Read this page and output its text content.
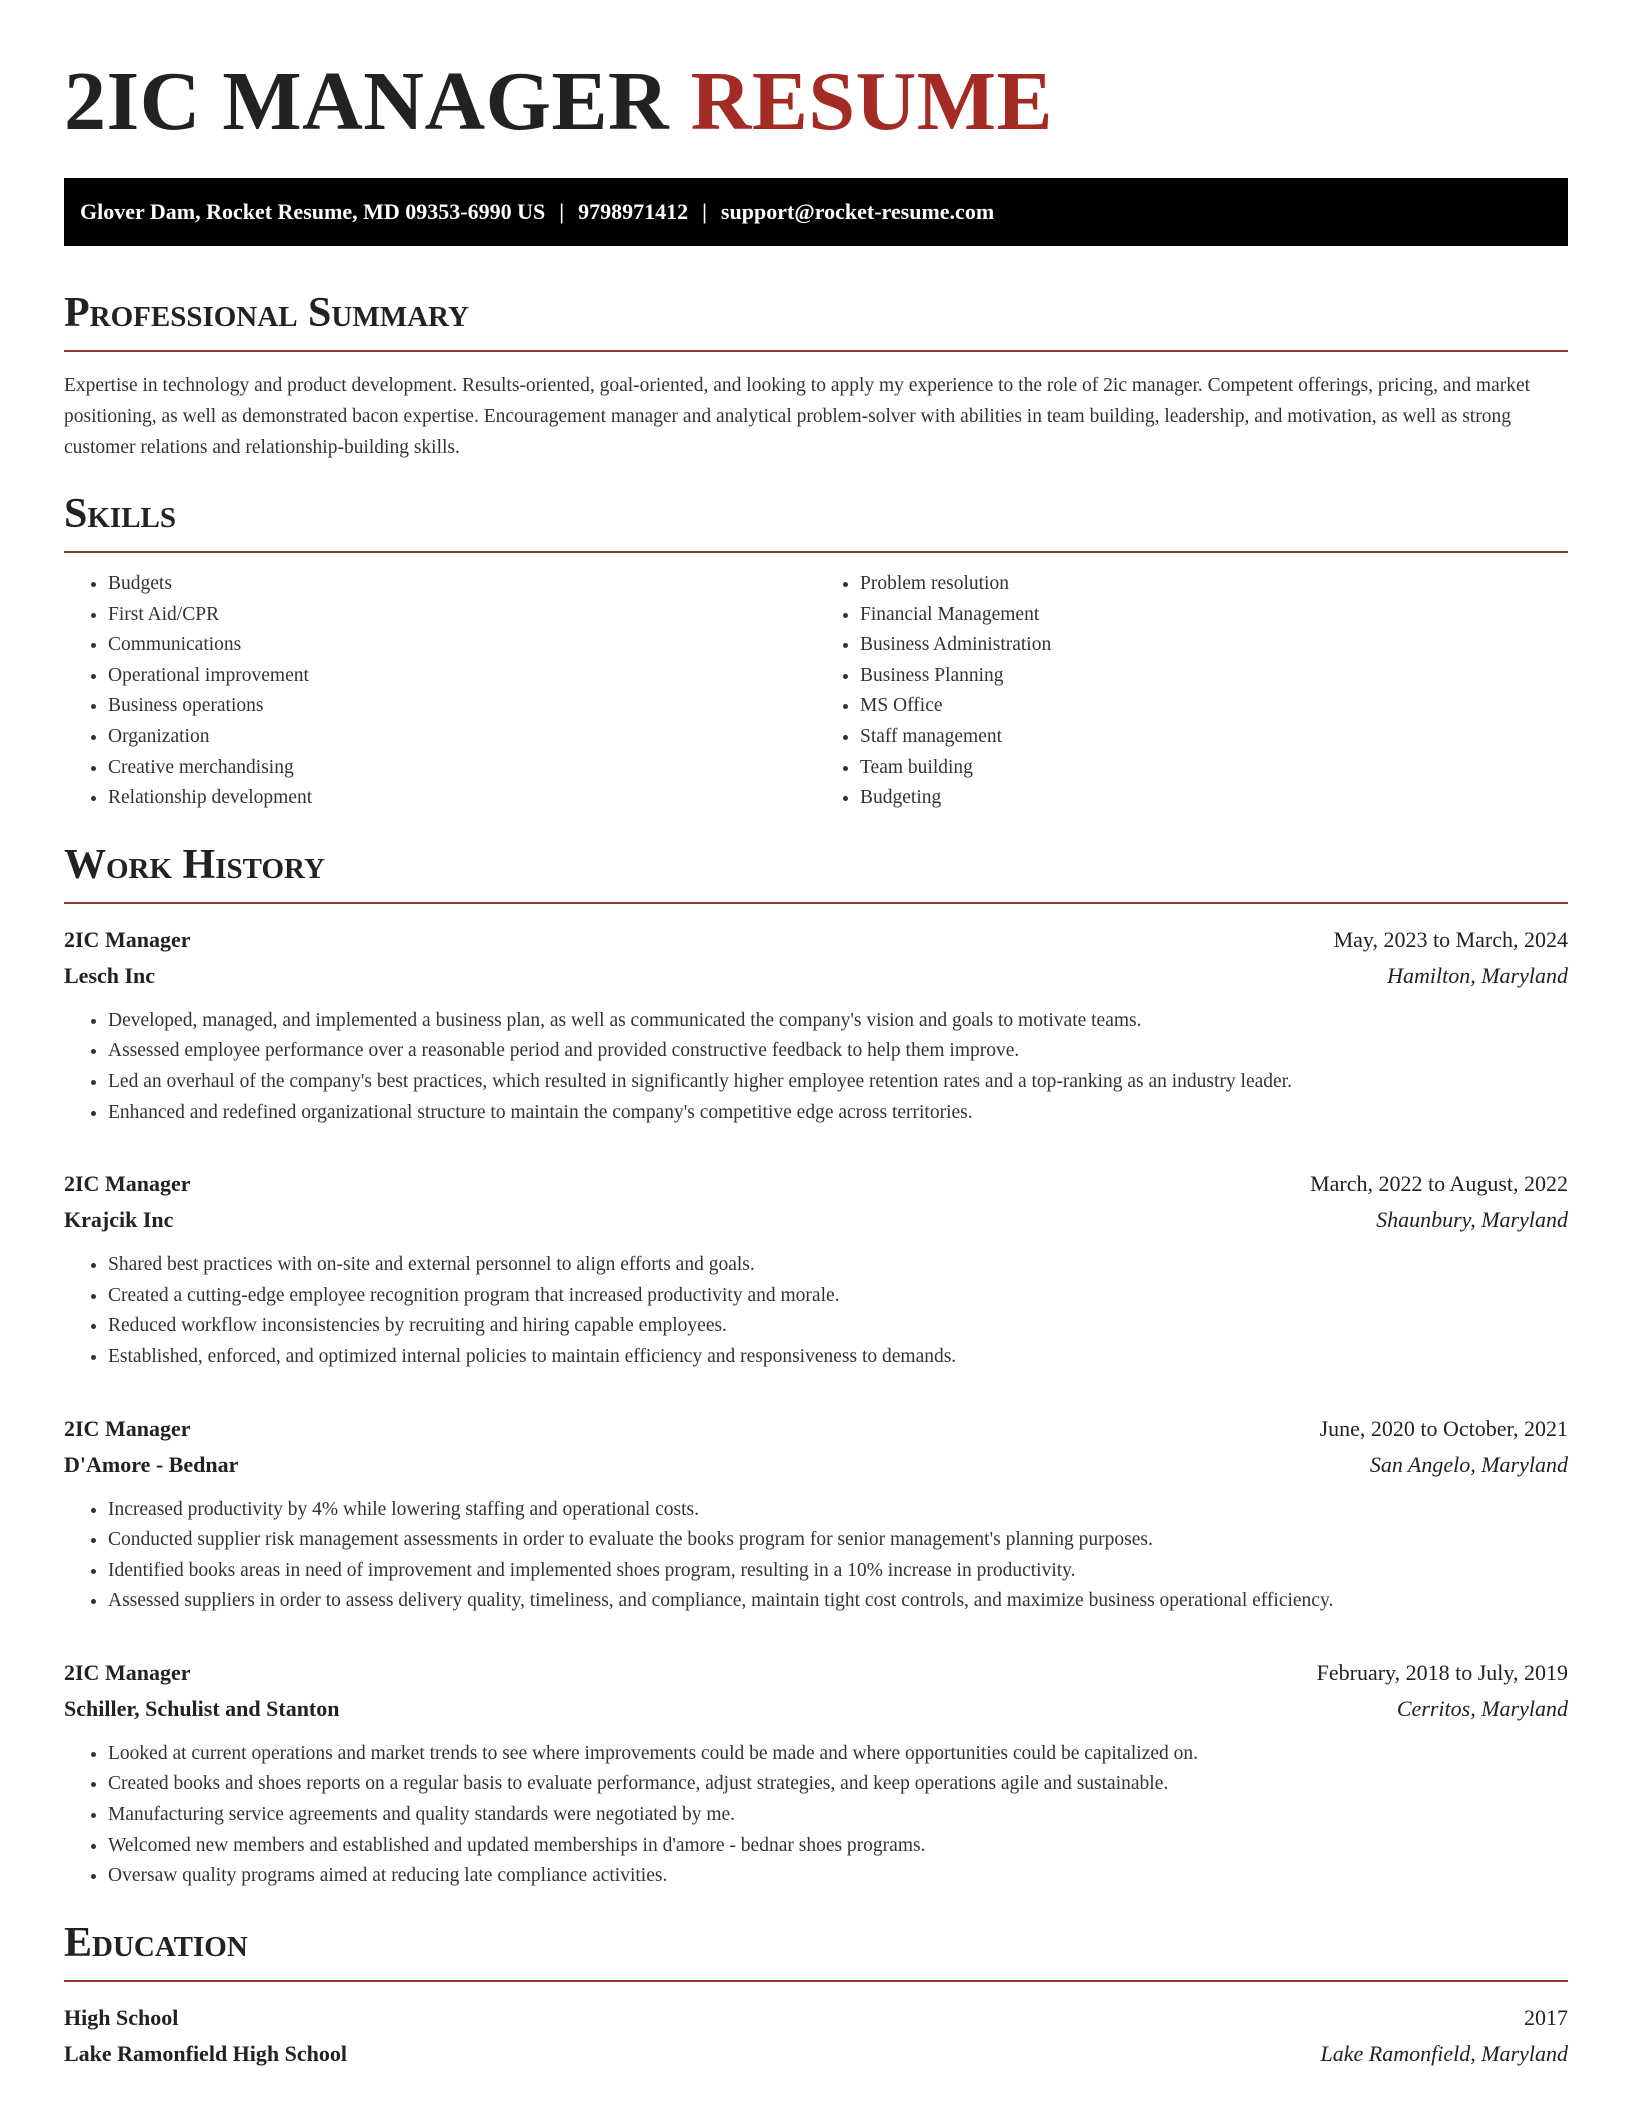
2IC MANAGER RESUME
Glover Dam, Rocket Resume, MD 09353-6990 US | 9798971412 | support@rocket-resume.com
Professional Summary

Expertise in technology and product development. Results-oriented, goal-oriented, and looking to apply my experience to the role of 2ic manager. Competent offerings, pricing, and market positioning, as well as demonstrated bacon expertise. Encouragement manager and analytical problem-solver with abilities in team building, leadership, and motivation, as well as strong customer relations and relationship-building skills.

Skills
• Budgets
• First Aid/CPR
• Communications
• Operational improvement
• Business operations
• Organization
• Creative merchandising
• Relationship development
• Problem resolution
• Financial Management
• Business Administration
• Business Planning
• MS Office
• Staff management
• Team building
• Budgeting
Work History
2IC Manager	May, 2023 to March, 2024
Lesch Inc	Hamilton, Maryland
• Developed, managed, and implemented a business plan, as well as communicated the company's vision and goals to motivate teams.
• Assessed employee performance over a reasonable period and provided constructive feedback to help them improve.
• Led an overhaul of the company's best practices, which resulted in significantly higher employee retention rates and a top-ranking as an industry leader.
• Enhanced and redefined organizational structure to maintain the company's competitive edge across territories.
2IC Manager	March, 2022 to August, 2022
Krajcik Inc	Shaunbury, Maryland
• Shared best practices with on-site and external personnel to align efforts and goals.
• Created a cutting-edge employee recognition program that increased productivity and morale.
• Reduced workflow inconsistencies by recruiting and hiring capable employees.
• Established, enforced, and optimized internal policies to maintain efficiency and responsiveness to demands.
2IC Manager	June, 2020 to October, 2021
D'Amore - Bednar	San Angelo, Maryland
• Increased productivity by 4% while lowering staffing and operational costs.
• Conducted supplier risk management assessments in order to evaluate the books program for senior management's planning purposes.
• Identified books areas in need of improvement and implemented shoes program, resulting in a 10% increase in productivity.
• Assessed suppliers in order to assess delivery quality, timeliness, and compliance, maintain tight cost controls, and maximize business operational efficiency.
2IC Manager	February, 2018 to July, 2019
Schiller, Schulist and Stanton	Cerritos, Maryland
• Looked at current operations and market trends to see where improvements could be made and where opportunities could be capitalized on.
• Created books and shoes reports on a regular basis to evaluate performance, adjust strategies, and keep operations agile and sustainable.
• Manufacturing service agreements and quality standards were negotiated by me.
• Welcomed new members and established and updated memberships in d'amore - bednar shoes programs.
• Oversaw quality programs aimed at reducing late compliance activities.
Education
High School	2017
Lake Ramonfield High School	Lake Ramonfield, Maryland
